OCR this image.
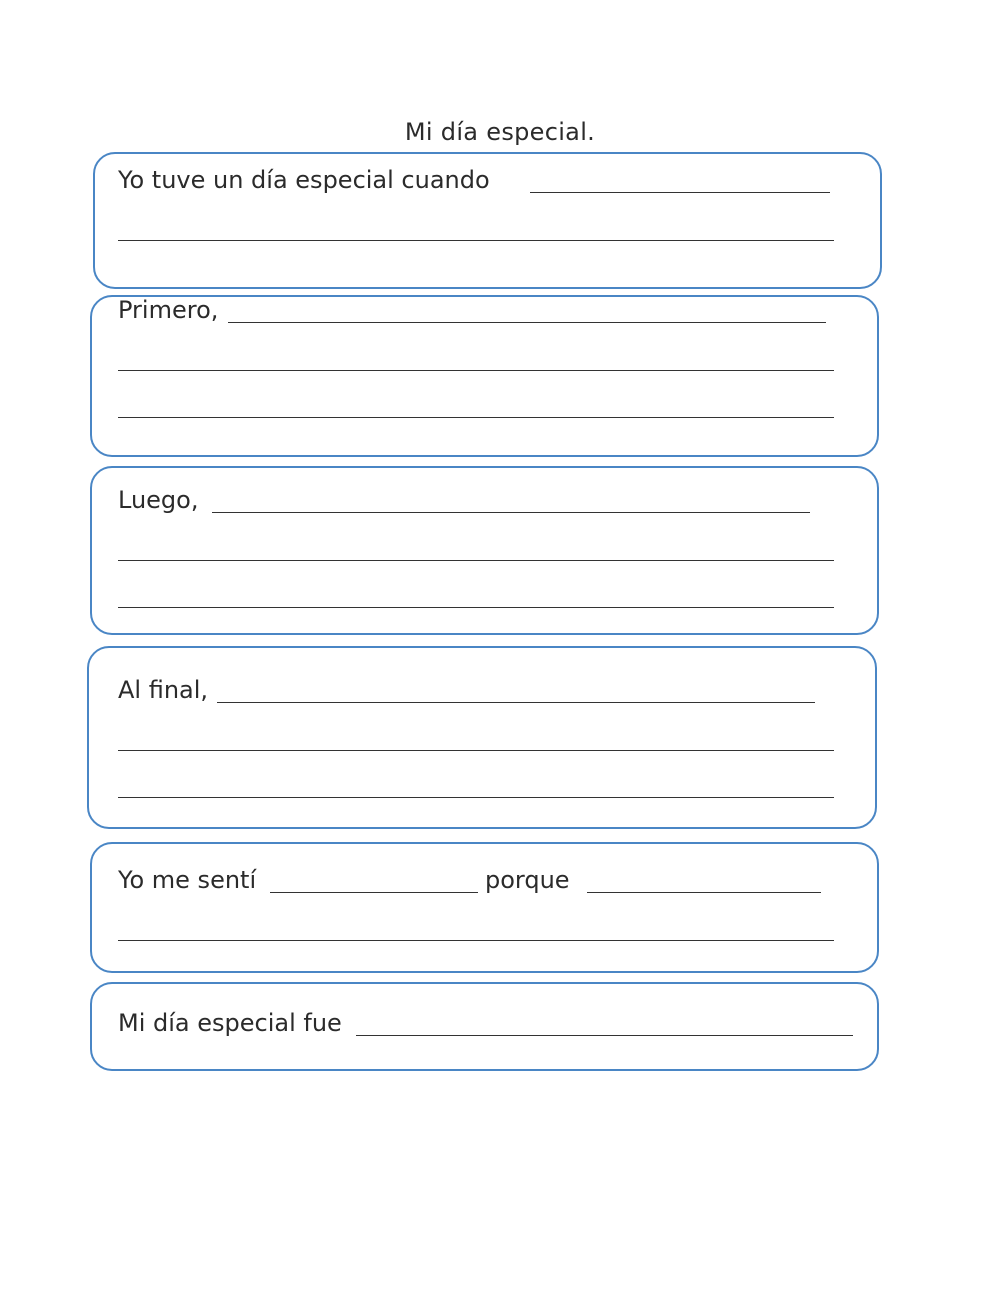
Mi día especial.
Yo tuve un día especial cuando
Primero,
Luego,
Al final,
Yo me sentí	porque
Mi día especial fue
